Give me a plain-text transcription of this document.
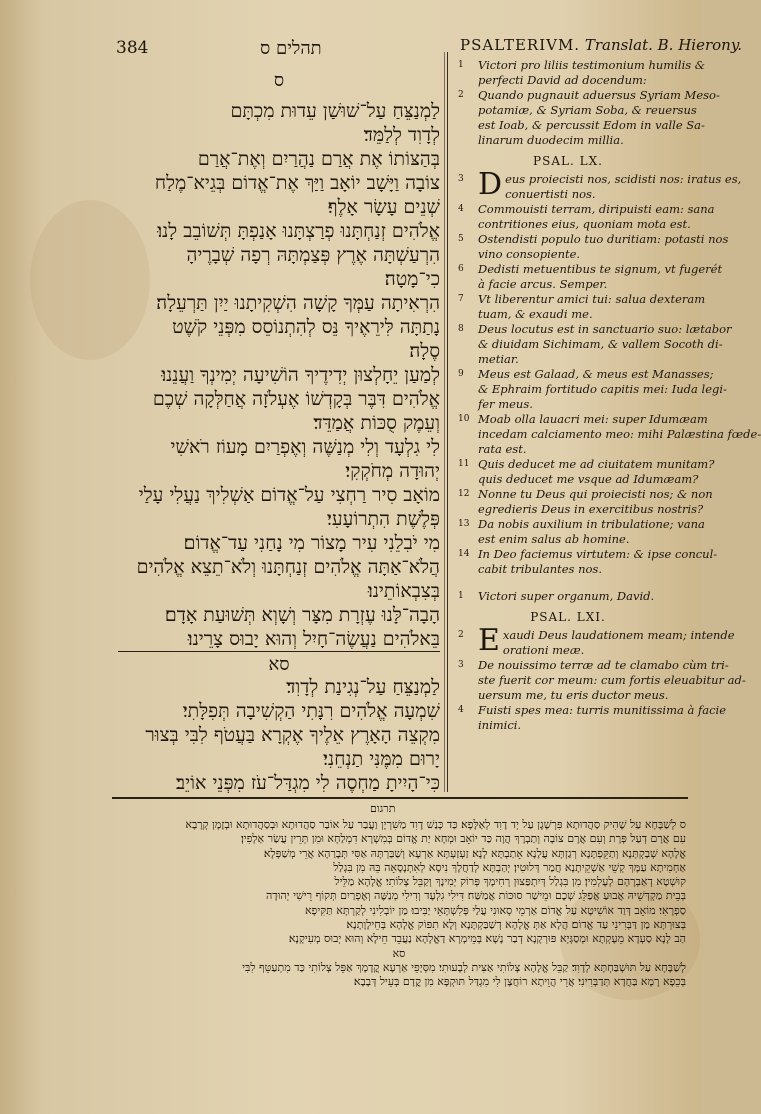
384	תהלים ס	PSALTERIVM. Translat. B. Hierony.
ס
לַמְנַצֵּחַ עַל־שׁוּשַׁן עֵדוּת מִכְתָּם
לְדָוִד לְלַמֵּד׃
בְּהַצּוֹתוֹ אֶת אֲרַם נַהֲרַיִם וְאֶת־אֲרַם
צוֹבָה וַיָּשָׁב יוֹאָב וַיַּךְ אֶת־אֱדוֹם בְּגֵיא־מֶלַח
שְׁנֵים עָשָׂר אָלֶף׃
אֱלֹהִים זְנַחְתָּנוּ פְרַצְתָּנוּ אָנַפְתָּ תְּשׁוֹבֵב לָנוּ׃
הִרְעַשְׁתָּה אֶרֶץ פְּצַמְתָּהּ רְפָה שְׁבָרֶיהָ
כִי־מָטָה׃
הִרְאִיתָה עַמְּךָ קָשָׁה הִשְׁקִיתָנוּ יַיִן תַּרְעֵלָה׃
נָתַתָּה לִּירֵאֶיךָ נֵּס לְהִתְנוֹסֵס מִפְּנֵי קֹשֶׁט
סֶלָה׃
לְמַעַן יֵחָלְצוּן יְדִידֶיךָ הוֹשִׁיעָה יְמִינְךָ וַעֲנֵנוּ׃
אֱלֹהִים דִּבֶּר בְּקָדְשׁוֹ אֶעְלֹזָה אֲחַלְּקָה שְׁכֶם
וְעֵמֶק סֻכּוֹת אֲמַדֵּד׃
לִי גִלְעָד וְלִי מְנַשֶּׁה וְאֶפְרַיִם מָעוֹז רֹאשִׁי
יְהוּדָה מְחֹקְקִי׃
מוֹאָב סִיר רַחְצִי עַל־אֱדוֹם אַשְׁלִיךְ נַעֲלִי עָלַי
פְּלֶשֶׁת הִתְרוֹעָעִי׃
מִי יֹבִלֵנִי עִיר מָצוֹר מִי נָחַנִי עַד־אֱדוֹם׃
הֲלֹא־אַתָּה אֱלֹהִים זְנַחְתָּנוּ וְלֹא־תֵצֵא אֱלֹהִים
בְּצִבְאוֹתֵינוּ׃
הָבָה־לָּנוּ עֶזְרָת מִצָּר וְשָׁוְא תְּשׁוּעַת אָדָם׃
בֵּאלֹהִים נַעֲשֶׂה־חָיִל וְהוּא יָבוּס צָרֵינוּ׃
סא
לַמְנַצֵּחַ עַל־נְגִינַת לְדָוִד׃
שִׁמְעָה אֱלֹהִים רִנָּתִי הַקְשִׁיבָה תְּפִלָּתִי׃
מִקְצֵה הָאָרֶץ אֵלֶיךָ אֶקְרָא בַּעֲטֹף לִבִּי בְּצוּר
יָרוּם מִמֶּנִּי תַנְחֵנִי׃
כִּי־הָיִיתָ מַחְסֶה לִי מִגְדַּל־עֹז מִפְּנֵי אוֹיֵב׃
1 Victori pro liliis testimonium humilis &
perfecti David ad docendum:
2 Quando pugnauit aduersus Syriam Meso-
potamiæ, & Syriam Soba, & reuersus
est Ioab, & percussit Edom in valle Sa-
linarum duodecim millia.
PSAL. LX.
3 D eus proiecisti nos, scidisti nos: iratus es,
conuertisti nos.
4 Commouisti terram, diripuisti eam: sana
contritiones eius, quoniam mota est.
5 Ostendisti populo tuo duritiam: potasti nos
vino consopiente.
6 Dedisti metuentibus te signum, vt fugerét
à facie arcus. Semper.
7 Vt liberentur amici tui: salua dexteram
tuam, & exaudi me.
8 Deus locutus est in sanctuario suo: lætabor
& diuidam Sichimam, & vallem Socoth di-
metiar.
9 Meus est Galaad, & meus est Manasses;
& Ephraim fortitudo capitis mei: Iuda legi-
fer meus.
10 Moab olla lauacri mei: super Idumæam
incedam calciamento meo: mihi Palæstina fœde-
rata est.
11 Quis deducet me ad ciuitatem munitam?
quis deducet me vsque ad Idumæam?
12 Nonne tu Deus qui proiecisti nos; & non
egredieris Deus in exercitibus nostris?
13 Da nobis auxilium in tribulatione; vana
est enim salus ab homine.
14 In Deo faciemus virtutem: & ipse concul-
cabit tribulantes nos.
1 Victori super organum, David.
PSAL. LXI.
2 E xaudi Deus laudationem meam; intende
orationi meæ.
3 De nouissimo terræ ad te clamabo cùm tri-
ste fuerit cor meum: cum fortis eleuabitur ad-
uersum me, tu eris ductor meus.
4 Fuisti spes mea: turris munitissima à facie
inimici.
תרגום

ס לְשַׁבָּחָא עַל שָׁהִיק סַהֲדוּתָא פִּרְשָׁגֶן עַל יְד דָוִד לְאַלָּפָא׃ כַּד כְּנַשׁ דָוִד מַשִׁרְיָן וַעֲבַר עַל אוֹבַר סַהֲדוּתָא וּבְסַהֲדוּתָא וּבְזָמָן קְרָבָא

עִם אֲרָם דְעַל פְּרָת וְעִם אֲרָם צוֹבָה וְתַבְרָךְ הֲוָה כַּד יוֹאָב וּמְחָא יַת אֱדוֹם בְּמִשְׁרָא דִמְלַחָא וּמִן תְּרֵין עֲשַׂר אַלְפִין׃

אֱלָהָא שְׁבַקְתָּנָא וְתַקֵּפְתָּנָא רְגַזְתָּא עֲלָנָא אָתַבְתָּא לָנָא׃ זַעְזַעְתָּא אַרְעָא וְשַׁבַּרְתָּהּ אַסִּי תְּבָרַהָא אֲרֵי מְשַׁפְּלָא׃

אַחְמִיתָא עַמָּךְ קְשֵׁי אַשְׁקֵיתָנָא חֲמַר דְּלוּטִין׃ יְהַבְתָּא לְדַחֲלָךְ נִיסָא לְאִתְנָסָאָה בֵּהּ מִן בִּגְלַל

קוּשְׁטָא דְאַבְרָהָם לְעָלְמִין׃ מִן בִּגְלַל דְּיִתְפַּצוּן רְחִימָךְ פְּרוֹק יְמִינָךְ וְקַבֵּל צְלוֹתִי׃ אֱלָהָא מַלֵּיל

בְּבֵית מַקְדְּשֵׁיהּ אֲבוּעַ אֲפַלֵּג שְׁכֶם וּמֵישַׁר סוּכּוֹת אֲמַשַּׁח׃ דִּילִי גִלְעָד וְדִילִי מְנַשֶּׁה וְאֶפְרַיִם תְּקוֹף רֵישִׁי יְהוּדָה

סַפְרָאִי׃ מוֹאָב דְּוַד אוֹשִׁיטָא עַל אֱדוֹם אַרְמֵי סְאוּנִי עֲלַי פְּלִשְׁתָּאֵי יַבִּיבוּ׃ מַן יוֹבְלִינִי לְקַרְתָּא תַּקִּיפָא

בְּצוּרְתָּא מַן דַּבְּרִינִי עַד אֱדוֹם׃ הֲלָא אַתְּ אֱלָהָא דְשַׁבַּקְתָּנָא וְלָא תִפּוֹק אֱלָהָא בְּחֵילָוָתָנָא׃

הַב לָנָא סַעְדָא מֵעָקְתָא וּמְסַגְּיָא פּוּרְקָנָא דְבַר נָשָׁא׃ בְּמֵימְרָא דַאֱלָהָא נַעֲבֵד חֵילָא וְהוּא יְבוּס מְעִיקָנָא׃

סא

לְשַׁבָּחָא עַל תּוּשְׁבַּחְתָּא לְדָוִד׃ קַבֵּל אֱלָהָא צְלוֹתִי אַצִּית לְבָעוּתִי׃ מִסְּיָפֵי אַרְעָא קֳדָמָךְ אַפֵּל צְלוֹתִי כַּד מִתְעַטֵּף לִבִּי

בְּכֵפָא רָמָא בַּחֲדָא תְּדַבְּרִינִי׃ אֲרֵי הֲוֵיתָא רוֹחֲצָן לִי מִגְדַּל תּוּקְפָּא מִן קֳדָם בְּעֵיל דְּבָבָא׃
